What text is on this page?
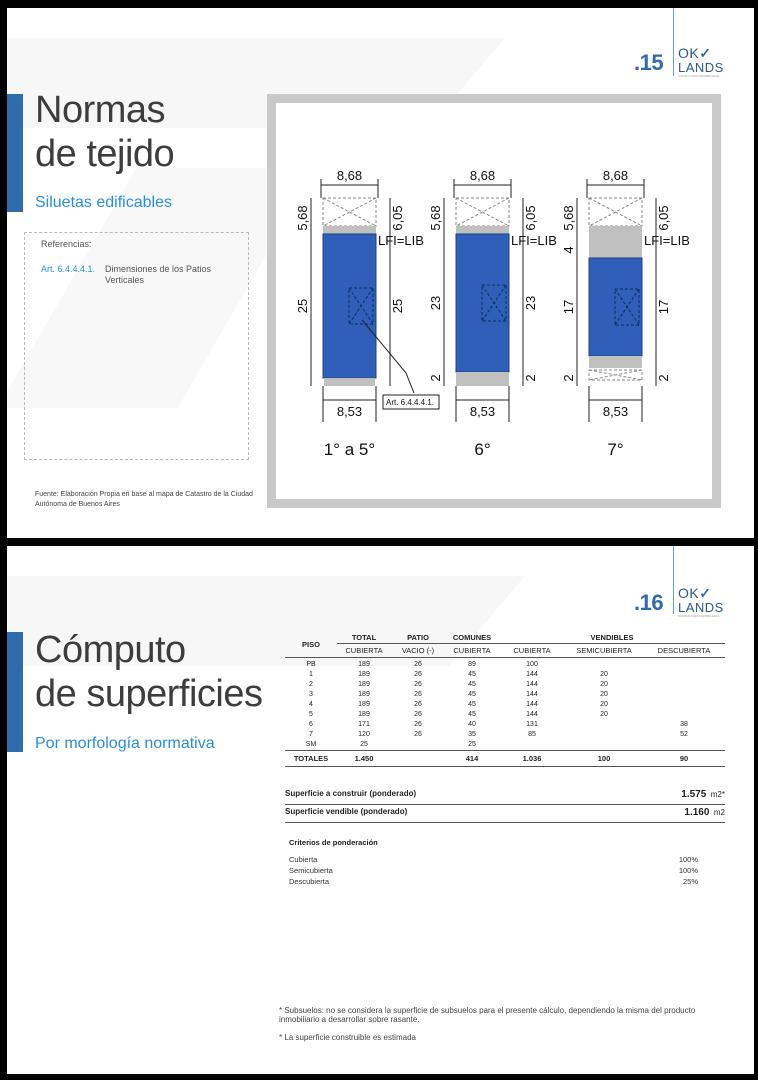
.15 OK✓
LANDS
CONSULTORA INMOBILIARIA
Normas
de tejido
Siluetas edificables
Referencias:
Art. 6.4.4.4.1. Dimensiones de los Patios Verticales
Fuente: Elaboración Propia en base al mapa de Catastro de la Ciudad Autónoma de Buenos Aires
8,68
8,53
5,68
25
6,05
25
LFI=LIB
1° a 5°
8,68
8,53
5,68
23
6,05
23
2	2
LFI=LIB
6°
8,68
8,53
5,68
17
6,05
17
4
2	2
LFI=LIB
7°
Art. 6.4.4.4.1.
.16 OK✓
LANDS
CONSULTORA INMOBILIARIA
Cómputo
de superficies
Por morfología normativa
PISO	TOTAL	PATIO	COMUNES	VENDIBLES		
	CUBIERTA	VACIO (-)	CUBIERTA	CUBIERTA	SEMICUBIERTA	DESCUBIERTA
PB	189	26	89	100		
1	189	26	45	144	20	
2	189	26	45	144	20	
3	189	26	45	144	20	
4	189	26	45	144	20	
5	189	26	45	144	20	
6	171	26	40	131		38
7	120	26	35	85		52
SM	25		25			
TOTALES	1.450		414	1.036	100	90
Superficie a construir (ponderado)	1.575 m2*
Superficie vendible (ponderado)	1.160 m2
Criterios de ponderación
Cubierta	100%
Semicubierta	100%
Descubierta	25%
* Subsuelos: no se considera la superficie de subsuelos para el presente cálculo, dependiendo la misma del producto inmobiliario a desarrollar sobre rasante.
* La superficie construible es estimada
